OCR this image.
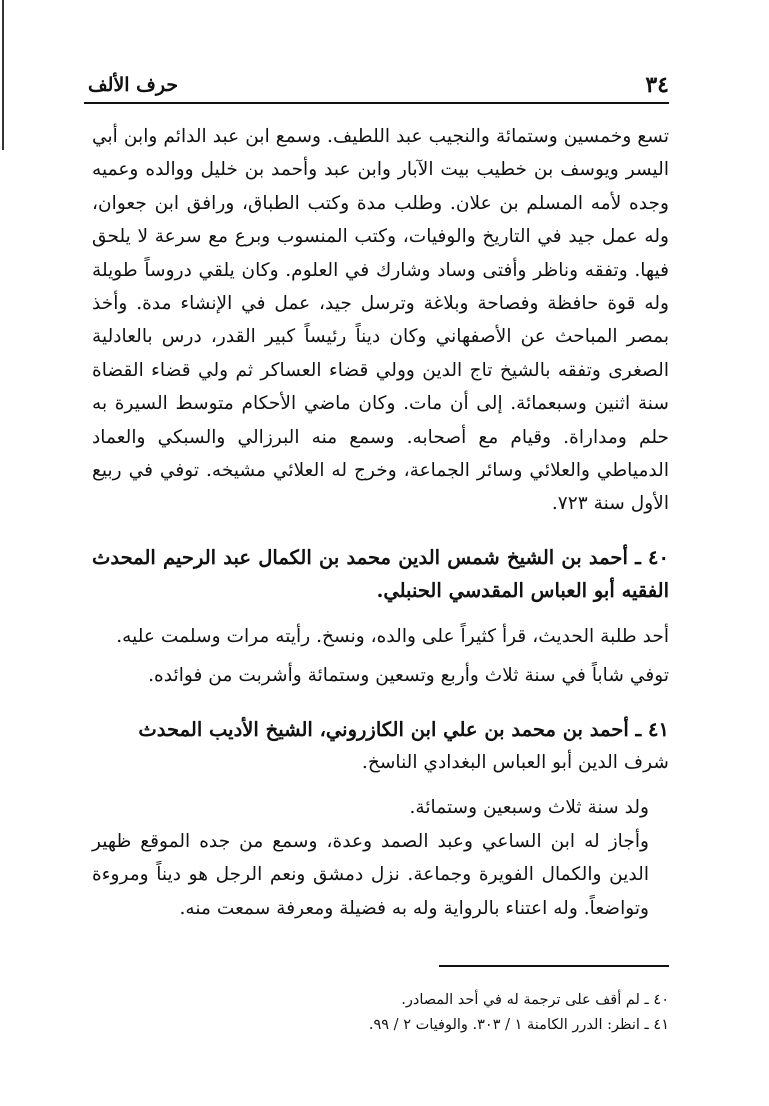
٣٤
حرف الألف

تسع وخمسين وستمائة والنجيب عبد اللطيف. وسمع ابن عبد الدائم وابن أبي اليسر ويوسف بن خطيب بيت الآبار وابن عبد وأحمد بن خليل ووالده وعميه وجده لأمه المسلم بن علان. وطلب مدة وكتب الطباق، ورافق ابن جعوان، وله عمل جيد في التاريخ والوفيات، وكتب المنسوب وبرع مع سرعة لا يلحق فيها. وتفقه وناظر وأفتى وساد وشارك في العلوم. وكان يلقي دروساً طويلة وله قوة حافظة وفصاحة وبلاغة وترسل جيد، عمل في الإنشاء مدة. وأخذ بمصر المباحث عن الأصفهاني وكان ديناً رئيساً كبير القدر، درس بالعادلية الصغرى وتفقه بالشيخ تاج الدين وولي قضاء العساكر ثم ولي قضاء القضاة سنة اثنين وسبعمائة. إلى أن مات. وكان ماضي الأحكام متوسط السيرة به حلم ومداراة. وقيام مع أصحابه. وسمع منه البرزالي والسبكي والعماد الدمياطي والعلائي وسائر الجماعة، وخرج له العلائي مشيخه. توفي في ربيع الأول سنة ٧٢٣.

٤٠ ـ أحمد بن الشيخ شمس الدين محمد بن الكمال عبد الرحيم المحدث الفقيه أبو العباس المقدسي الحنبلي.

أحد طلبة الحديث، قرأ كثيراً على والده، ونسخ. رأيته مرات وسلمت عليه.

توفي شاباً في سنة ثلاث وأربع وتسعين وستمائة وأشربت من فوائده.

٤١ ـ أحمد بن محمد بن علي ابن الكازروني، الشيخ الأديب المحدث

شرف الدين أبو العباس البغدادي الناسخ.

ولد سنة ثلاث وسبعين وستمائة.

وأجاز له ابن الساعي وعبد الصمد وعدة، وسمع من جده الموقع ظهير الدين والكمال الفويرة وجماعة. نزل دمشق ونعم الرجل هو ديناً ومروءة وتواضعاً. وله اعتناء بالرواية وله به فضيلة ومعرفة سمعت منه.

٤٠ ـ لم أقف على ترجمة له في أحد المصادر.

٤١ ـ انظر: الدرر الكامنة ١ / ٣٠٣. والوفيات ٢ / ٩٩.
